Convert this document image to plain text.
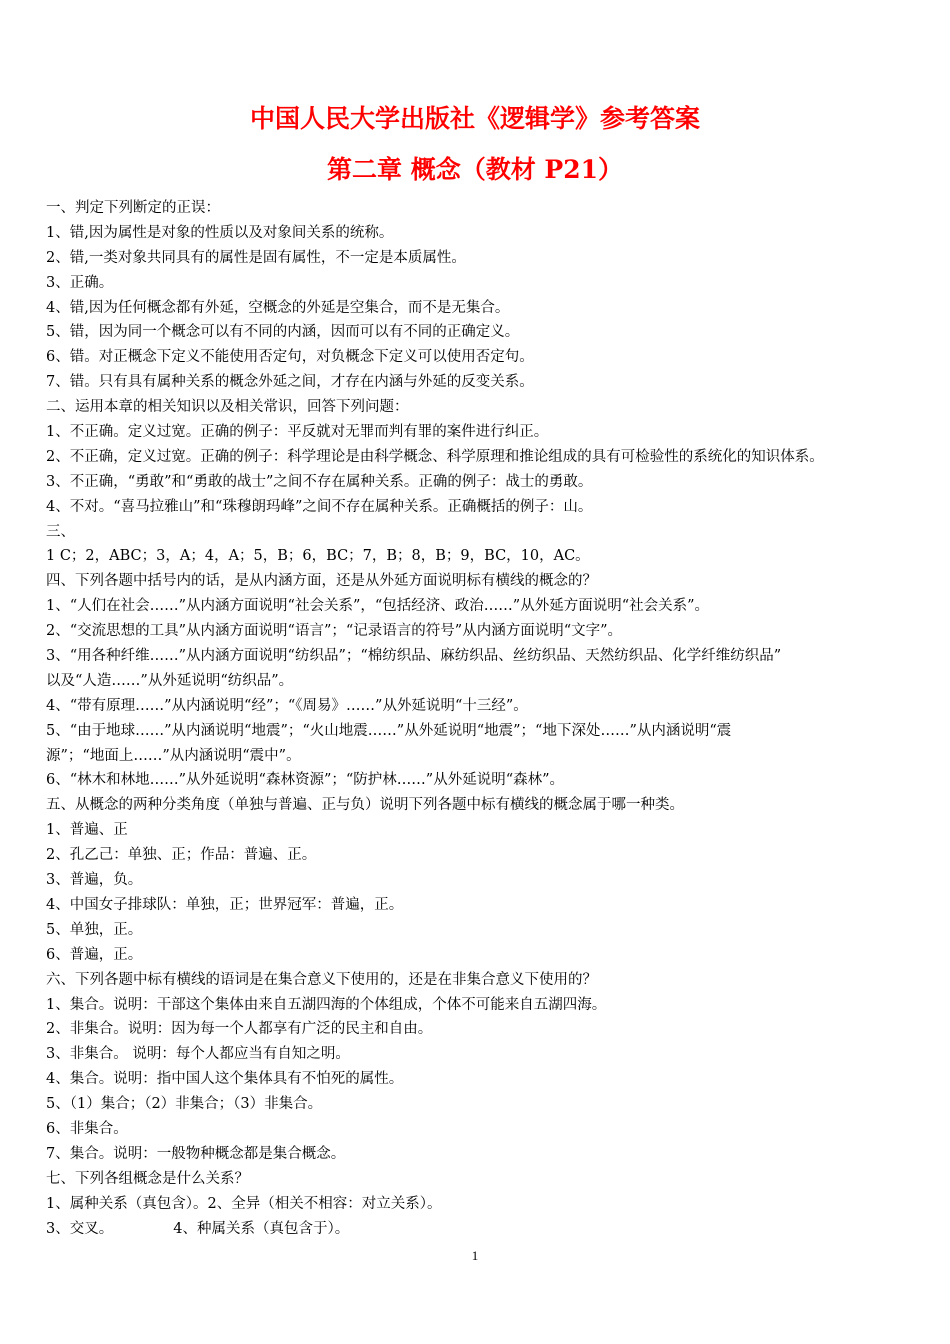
中国人民大学出版社《逻辑学》参考答案
第二章 概念（教材 P21）
一、判定下列断定的正误：
1、错,因为属性是对象的性质以及对象间关系的统称。
2、错,一类对象共同具有的属性是固有属性，不一定是本质属性。
3、正确。
4、错,因为任何概念都有外延，空概念的外延是空集合，而不是无集合。
5、错，因为同一个概念可以有不同的内涵，因而可以有不同的正确定义。
6、错。对正概念下定义不能使用否定句，对负概念下定义可以使用否定句。
7、错。只有具有属种关系的概念外延之间，才存在内涵与外延的反变关系。
二、运用本章的相关知识以及相关常识，回答下列问题：
1、不正确。定义过宽。正确的例子：平反就对无罪而判有罪的案件进行纠正。
2、不正确，定义过宽。正确的例子：科学理论是由科学概念、科学原理和推论组成的具有可检验性的系统化的知识体系。
3、不正确，“勇敢”和“勇敢的战士”之间不存在属种关系。正确的例子：战士的勇敢。
4、不对。“喜马拉雅山”和“珠穆朗玛峰”之间不存在属种关系。正确概括的例子：山。
三、
1 C；2，ABC；3，A；4，A；5，B；6，BC；7，B；8，B；9，BC，10，AC。
四、下列各题中括号内的话，是从内涵方面，还是从外延方面说明标有横线的概念的？
1、“人们在社会……”从内涵方面说明“社会关系”，“包括经济、政治……”从外延方面说明“社会关系”。
2、“交流思想的工具”从内涵方面说明“语言”；“记录语言的符号”从内涵方面说明“文字”。
3、“用各种纤维……”从内涵方面说明“纺织品”；“棉纺织品、麻纺织品、丝纺织品、天然纺织品、化学纤维纺织品”
以及“人造……”从外延说明“纺织品”。
4、“带有原理……”从内涵说明“经”；“《周易》……”从外延说明“十三经”。
5、“由于地球……”从内涵说明“地震”；“火山地震……”从外延说明“地震”；“地下深处……”从内涵说明“震
源”；“地面上……”从内涵说明“震中”。
6、“林木和林地……”从外延说明“森林资源”；“防护林……”从外延说明“森林”。
五、从概念的两种分类角度（单独与普遍、正与负）说明下列各题中标有横线的概念属于哪一种类。
1、普遍、正
2、孔乙己：单独、正；作品：普遍、正。
3、普遍，负。
4、中国女子排球队：单独，正；世界冠军：普遍，正。
5、单独，正。
6、普遍，正。
六、下列各题中标有横线的语词是在集合意义下使用的，还是在非集合意义下使用的？
1、集合。说明：干部这个集体由来自五湖四海的个体组成，个体不可能来自五湖四海。
2、非集合。说明：因为每一个人都享有广泛的民主和自由。
3、非集合。 说明：每个人都应当有自知之明。
4、集合。说明：指中国人这个集体具有不怕死的属性。
5、（1）集合；（2）非集合；（3）非集合。
6、非集合。
7、集合。说明：一般物种概念都是集合概念。
七、下列各组概念是什么关系？
1、属种关系（真包含）。2、全异（相关不相容：对立关系）。
3、交叉。	4、种属关系（真包含于）。
1
